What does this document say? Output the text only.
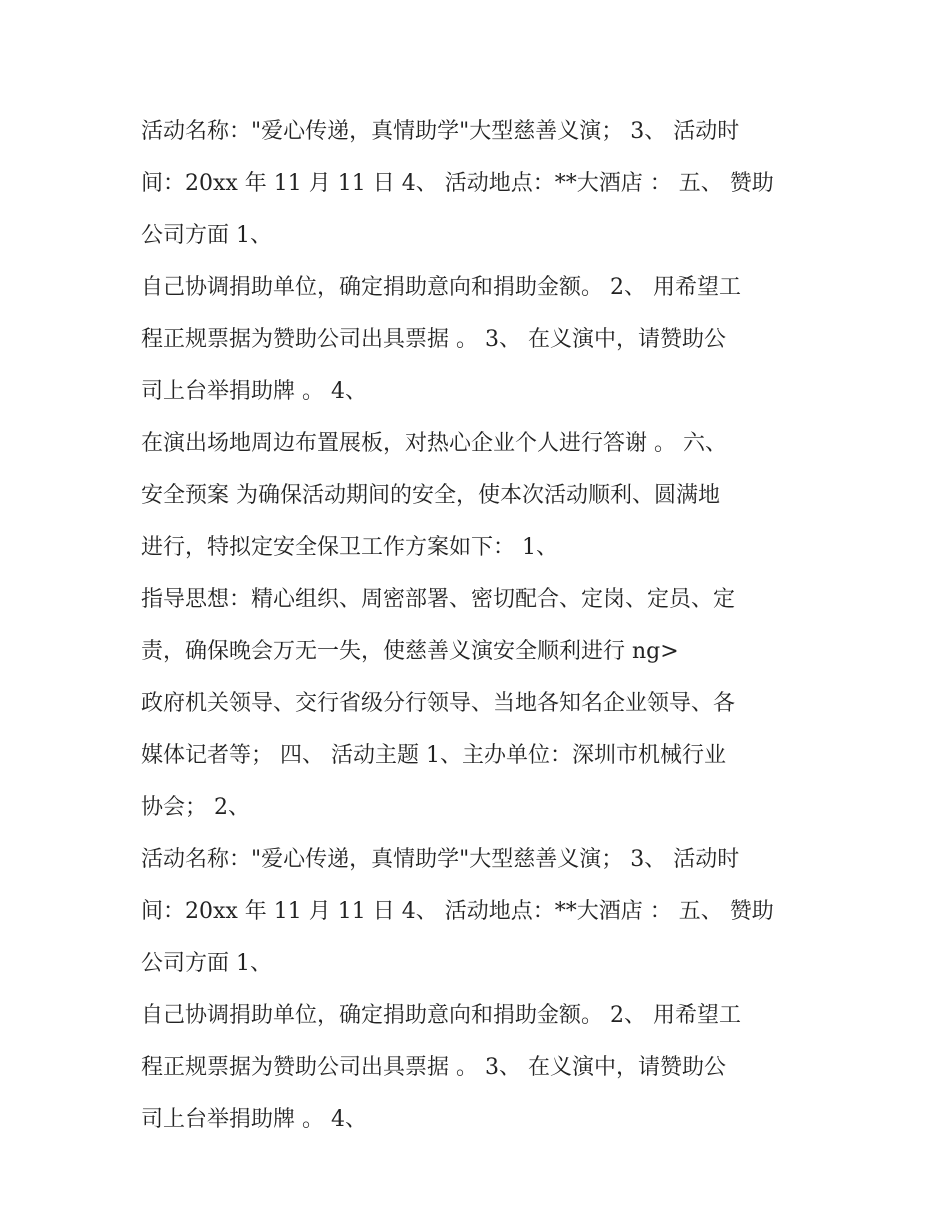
活动名称："爱心传递，真情助学"大型慈善义演； 3、 活动时
间：20xx 年 11 月 11 日 4、 活动地点：**大酒店 ： 五、 赞助
公司方面 1、

自己协调捐助单位，确定捐助意向和捐助金额。 2、 用希望工
程正规票据为赞助公司出具票据 。 3、 在义演中，请赞助公
司上台举捐助牌 。 4、

在演出场地周边布置展板，对热心企业个人进行答谢 。 六、
安全预案 为确保活动期间的安全，使本次活动顺利、圆满地
进行，特拟定安全保卫工作方案如下： 1、

指导思想：精心组织、周密部署、密切配合、定岗、定员、定
责，确保晚会万无一失，使慈善义演安全顺利进行 ng>

政府机关领导、交行省级分行领导、当地各知名企业领导、各
媒体记者等； 四、 活动主题 1、主办单位：深圳市机械行业
协会； 2、

活动名称："爱心传递，真情助学"大型慈善义演； 3、 活动时
间：20xx 年 11 月 11 日 4、 活动地点：**大酒店 ： 五、 赞助
公司方面 1、

自己协调捐助单位，确定捐助意向和捐助金额。 2、 用希望工
程正规票据为赞助公司出具票据 。 3、 在义演中，请赞助公
司上台举捐助牌 。 4、
